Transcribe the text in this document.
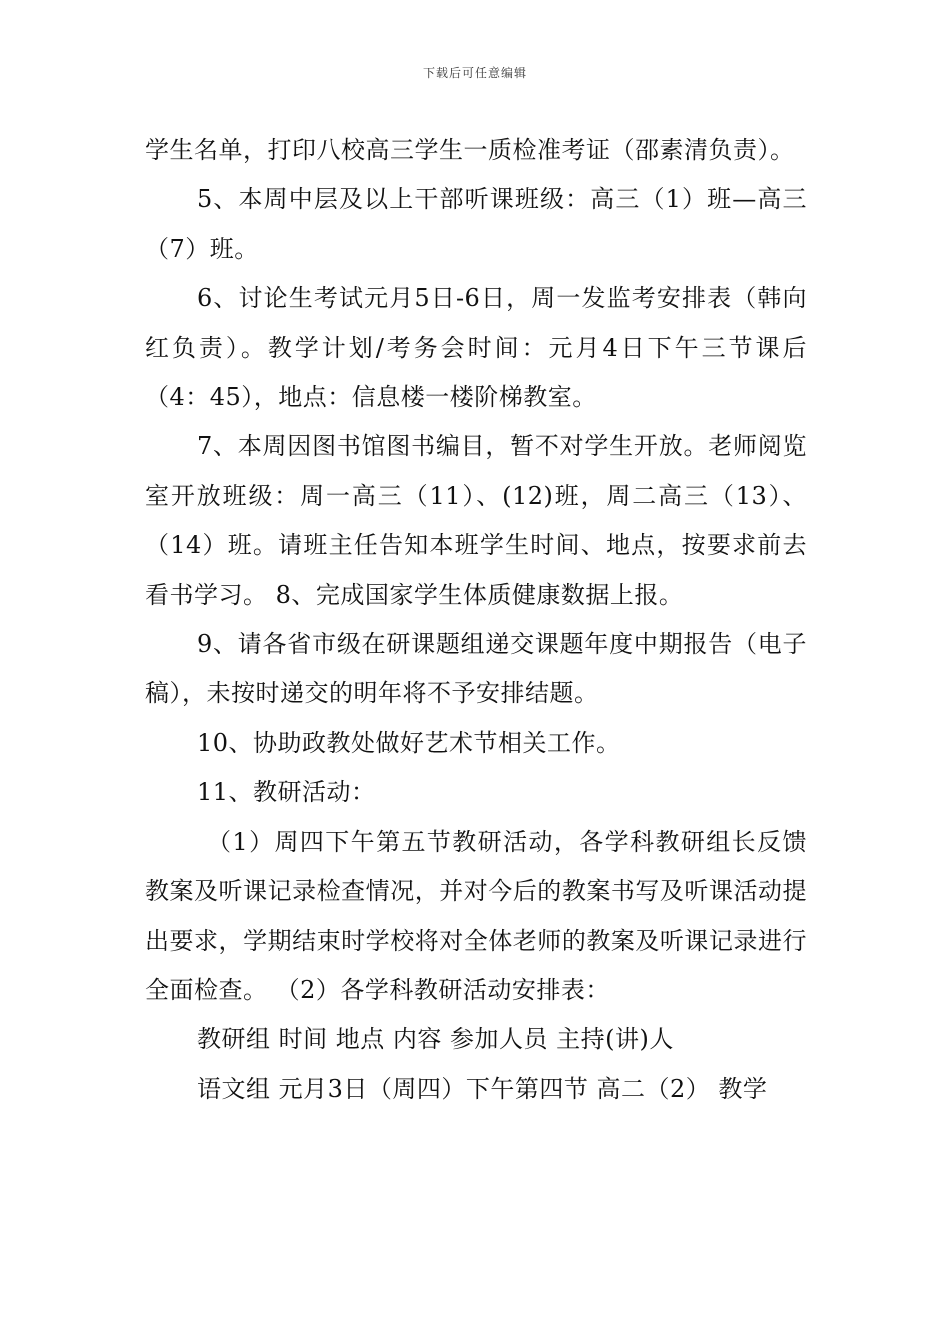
下载后可任意编辑

学生名单，打印八校高三学生一质检准考证（邵素清负责）。

5、本周中层及以上干部听课班级：高三（1）班—高三（7）班。

6、讨论生考试元月5日-6日，周一发监考安排表（韩向红负责）。教学计划/考务会时间：元月4日下午三节课后（4：45），地点：信息楼一楼阶梯教室。

7、本周因图书馆图书编目，暂不对学生开放。老师阅览室开放班级：周一高三（11）、(12)班，周二高三（13）、（14）班。请班主任告知本班学生时间、地点，按要求前去看书学习。 8、完成国家学生体质健康数据上报。

9、请各省市级在研课题组递交课题年度中期报告（电子稿），未按时递交的明年将不予安排结题。

10、协助政教处做好艺术节相关工作。

11、教研活动：

（1）周四下午第五节教研活动，各学科教研组长反馈教案及听课记录检查情况，并对今后的教案书写及听课活动提出要求，学期结束时学校将对全体老师的教案及听课记录进行全面检查。 （2）各学科教研活动安排表：

教研组 时间 地点 内容 参加人员 主持(讲)人

语文组 元月3日（周四）下午第四节 高二（2） 教学
